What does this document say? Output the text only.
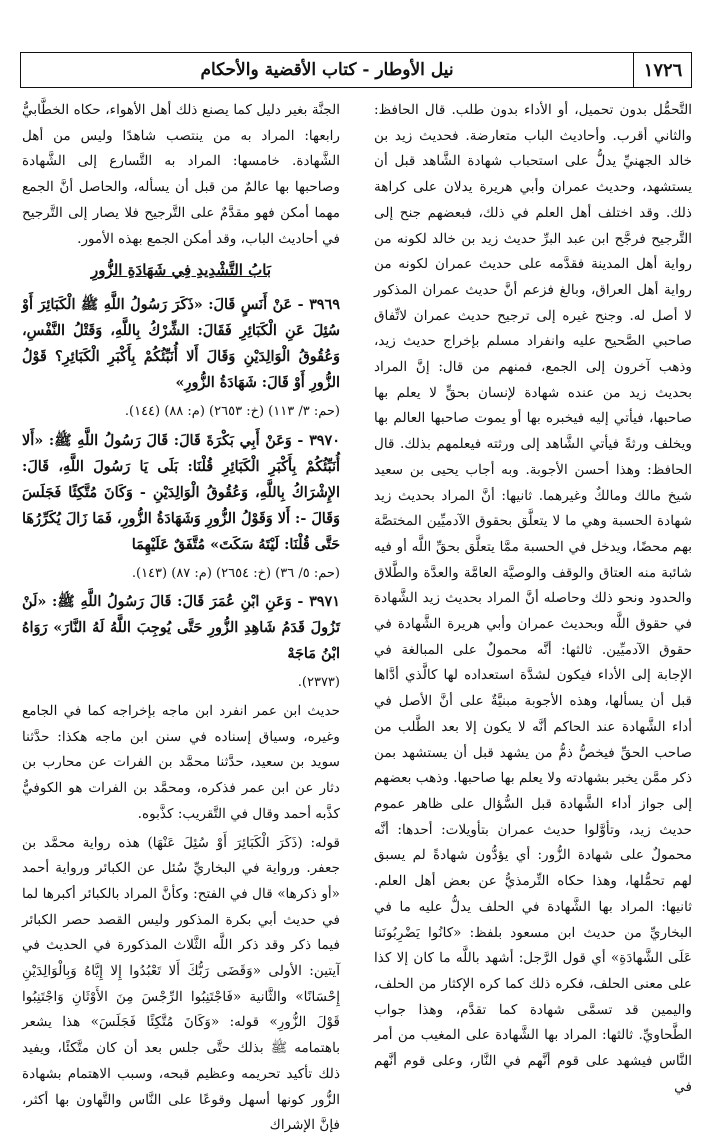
نيل الأوطار - كتاب الأقضية والأحكام	١٧٢٦

التَّحمُّل بدون تحميل، أو الأداء بدون طلب. قال الحافظ: والثاني أقرب. وأحاديث الباب متعارضة. فحديث زيد بن خالد الجهنيِّ يدلُّ على استحباب شهادة الشَّاهد قبل أن يستشهد، وحديث عمران وأبي هريرة يدلان على كراهة ذلك. وقد اختلف أهل العلم في ذلك، فبعضهم جنح إلى التَّرجيح فرجَّح ابن عبد البرِّ حديث زيد بن خالد لكونه من رواية أهل المدينة فقدَّمه على حديث عمران لكونه من رواية أهل العراق، وبالغ فزعم أنَّ حديث عمران المذكور لا أصل له. وجنح غيره إلى ترجيح حديث عمران لاتِّفاق صاحبي الصَّحيح عليه وانفراد مسلم بإخراج حديث زيد، وذهب آخرون إلى الجمع، فمنهم من قال: إنَّ المراد بحديث زيد من عنده شهادة لإنسان بحقٍّ لا يعلم بها صاحبها، فيأتي إليه فيخبره بها أو يموت صاحبها العالم بها ويخلف ورثةً فيأتي الشَّاهد إلى ورثته فيعلمهم بذلك. قال الحافظ: وهذا أحسن الأجوبة. وبه أجاب يحيى بن سعيد شيخ مالك ومالكٌ وغيرهما. ثانيها: أنَّ المراد بحديث زيد شهادة الحسبة وهي ما لا يتعلَّق بحقوق الآدميِّين المختصَّة بهم محضًا، ويدخل في الحسبة ممَّا يتعلَّق بحقِّ اللَّه أو فيه شائبة منه العتاق والوقف والوصيَّة العامَّة والعدَّة والطَّلاق والحدود ونحو ذلك وحاصله أنَّ المراد بحديث زيد الشَّهادة في حقوق اللَّه وبحديث عمران وأبي هريرة الشَّهادة في حقوق الآدميِّين. ثالثها: أنَّه محمولٌ على المبالغة في الإجابة إلى الأداء فيكون لشدَّة استعداده لها كالَّذي أدَّاها قبل أن يسألها، وهذه الأجوبة مبنيَّةٌ على أنَّ الأصل في أداء الشَّهادة عند الحاكم أنَّه لا يكون إلا بعد الطَّلب من صاحب الحقِّ فيخصُّ ذمُّ من يشهد قبل أن يستشهد بمن ذكر ممَّن يخبر بشهادته ولا يعلم بها صاحبها. وذهب بعضهم إلى جواز أداء الشَّهادة قبل السُّؤال على ظاهر عموم حديث زيد، وتأوَّلوا حديث عمران بتأويلات: أحدها: أنَّه محمولٌ على شهادة الزُّور: أي يؤدُّون شهادةً لم يسبق لهم تحمُّلها، وهذا حكاه التِّرمذيُّ عن بعض أهل العلم. ثانيها: المراد بها الشَّهادة في الحلف يدلُّ عليه ما في البخاريِّ من حديث ابن مسعود بلفظ: «كانُوا يَضْرِبُونَنا عَلَى الشَّهادَةِ» أي قول الرَّجل: أشهد باللَّه ما كان إلا كذا على معنى الحلف، فكره ذلك كما كره الإكثار من الحلف، واليمين قد تسمَّى شهادة كما تقدَّم، وهذا جواب الطَّحاويِّ. ثالثها: المراد بها الشَّهادة على المغيب من أمر النَّاس فيشهد على قوم أنَّهم في النَّار، وعلى قوم أنَّهم في

الجنَّة بغير دليل كما يصنع ذلك أهل الأهواء، حكاه الخطَّابيُّ رابعها: المراد به من ينتصب شاهدًا وليس من أهل الشَّهادة. خامسها: المراد به التَّسارع إلى الشَّهادة وصاحبها بها عالمٌ من قبل أن يسأله، والحاصل أنَّ الجمع مهما أمكن فهو مقدَّمٌ على التَّرجيح فلا يصار إلى التَّرجيح في أحاديث الباب، وقد أمكن الجمع بهذه الأمور.

بَابُ التَّشْدِيدِ فِي شَهَادَةِ الزُّورِ

٣٩٦٩ - عَنْ أَنَسٍ قَالَ: «ذَكَرَ رَسُولُ اللَّهِ ﷺ الْكَبَائِرَ أَوْ سُئِلَ عَنِ الْكَبَائِرِ فَقَالَ: الشِّرْكُ بِاللَّهِ، وَقَتْلُ النَّفْسِ، وَعُقُوقُ الْوَالِدَيْنِ وَقَالَ أَلا أُنَبِّئُكُمْ بِأَكْبَرِ الْكَبَائِرِ؟ قَوْلُ الزُّورِ أَوْ قَالَ: شَهَادَةُ الزُّورِ»

(حم: ٣/ ١١٣) (خ: ٢٦٥٣) (م: ٨٨) (١٤٤).

٣٩٧٠ - وَعَنْ أَبِي بَكْرَةَ قَالَ: قَالَ رَسُولُ اللَّهِ ﷺ: «أَلا أُنَبِّئُكُمْ بِأَكْبَرِ الْكَبَائِرِ قُلْنَا: بَلَى يَا رَسُولَ اللَّهِ، قَالَ: الإِشْرَاكُ بِاللَّهِ، وَعُقُوقُ الْوَالِدَيْنِ - وَكَانَ مُتَّكِئًا فَجَلَسَ وَقَالَ -: أَلا وَقَوْلُ الزُّورِ وَشَهَادَةُ الزُّورِ، فَمَا زَالَ يُكَرِّرُهَا حَتَّى قُلْنَا: لَيْتَهُ سَكَتَ» مُتَّفَقٌ عَلَيْهِمَا

(حم: ٥/ ٣٦) (خ: ٢٦٥٤) (م: ٨٧) (١٤٣).

٣٩٧١ - وَعَنِ ابْنِ عُمَرَ قَالَ: قَالَ رَسُولُ اللَّهِ ﷺ: «لَنْ تَزُولَ قَدَمُ شَاهِدِ الزُّورِ حَتَّى يُوجِبَ اللَّهُ لَهُ النَّارَ» رَوَاهُ ابْنُ مَاجَهْ

(٢٣٧٣).

حديث ابن عمر انفرد ابن ماجه بإخراجه كما في الجامع وغيره، وسياق إسناده في سنن ابن ماجه هكذا: حدَّثنا سويد بن سعيد، حدَّثنا محمَّد بن الفرات عن محارب بن دثار عن ابن عمر فذكره، ومحمَّد بن الفرات هو الكوفيُّ كذَّبه أحمد وقال في التَّقريب: كذَّبوه.

قوله: (ذَكَرَ الْكَبَائِرَ أَوْ سُئِلَ عَنْهَا) هذه رواية محمَّد بن جعفر. ورواية في البخاريِّ سُئل عن الكبائر ورواية أحمد «أو ذكرها» قال في الفتح: وكأنَّ المراد بالكبائر أكبرها لما في حديث أبي بكرة المذكور وليس القصد حصر الكبائر فيما ذكر وقد ذكر اللَّه الثَّلاث المذكورة في الحديث في آيتين: الأولى «وَقَضَى رَبُّكَ أَلا تَعْبُدُوا إِلا إِيَّاهُ وَبِالْوَالِدَيْنِ إِحْسَانًا» والثَّانية «فَاجْتَنِبُوا الرِّجْسَ مِنَ الأَوْثَانِ وَاجْتَنِبُوا قَوْلَ الزُّورِ» قوله: «وَكَانَ مُتَّكِئًا فَجَلَسَ» هذا يشعر باهتمامه ﷺ بذلك حتَّى جلس بعد أن كان متَّكئًا، ويفيد ذلك تأكيد تحريمه وعظيم قبحه، وسبب الاهتمام بشهادة الزُّور كونها أسهل وقوعًا على النَّاس والتَّهاون بها أكثر، فإنَّ الإشراك
